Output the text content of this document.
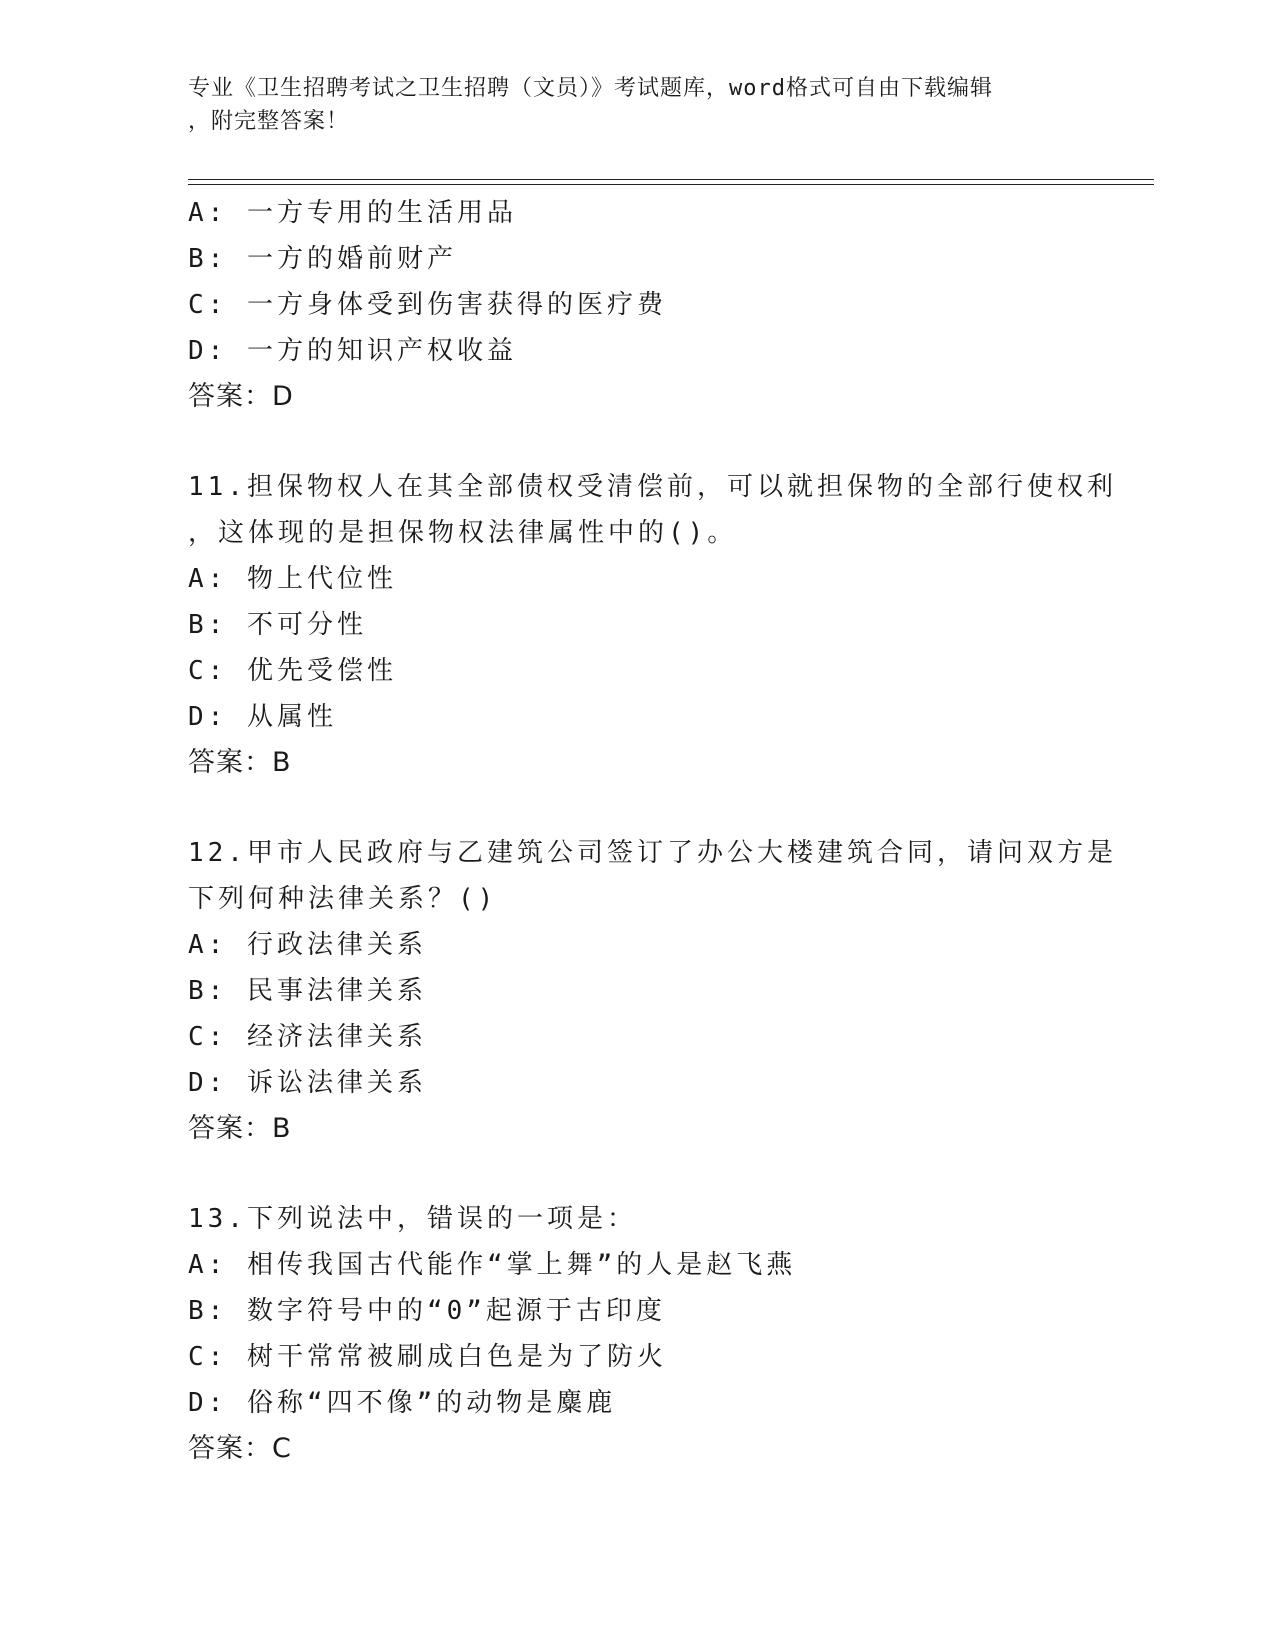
专业《卫生招聘考试之卫生招聘（文员）》考试题库，word格式可自由下载编辑
，附完整答案！
A: 一方专用的生活用品
B: 一方的婚前财产
C: 一方身体受到伤害获得的医疗费
D: 一方的知识产权收益
答案：D
11.担保物权人在其全部债权受清偿前，可以就担保物的全部行使权利
，这体现的是担保物权法律属性中的()。
A: 物上代位性
B: 不可分性
C: 优先受偿性
D: 从属性
答案：B
12.甲市人民政府与乙建筑公司签订了办公大楼建筑合同，请问双方是
下列何种法律关系？()
A: 行政法律关系
B: 民事法律关系
C: 经济法律关系
D: 诉讼法律关系
答案：B
13.下列说法中，错误的一项是：
A: 相传我国古代能作“掌上舞”的人是赵飞燕
B: 数字符号中的“0”起源于古印度
C: 树干常常被刷成白色是为了防火
D: 俗称“四不像”的动物是麋鹿
答案：C
